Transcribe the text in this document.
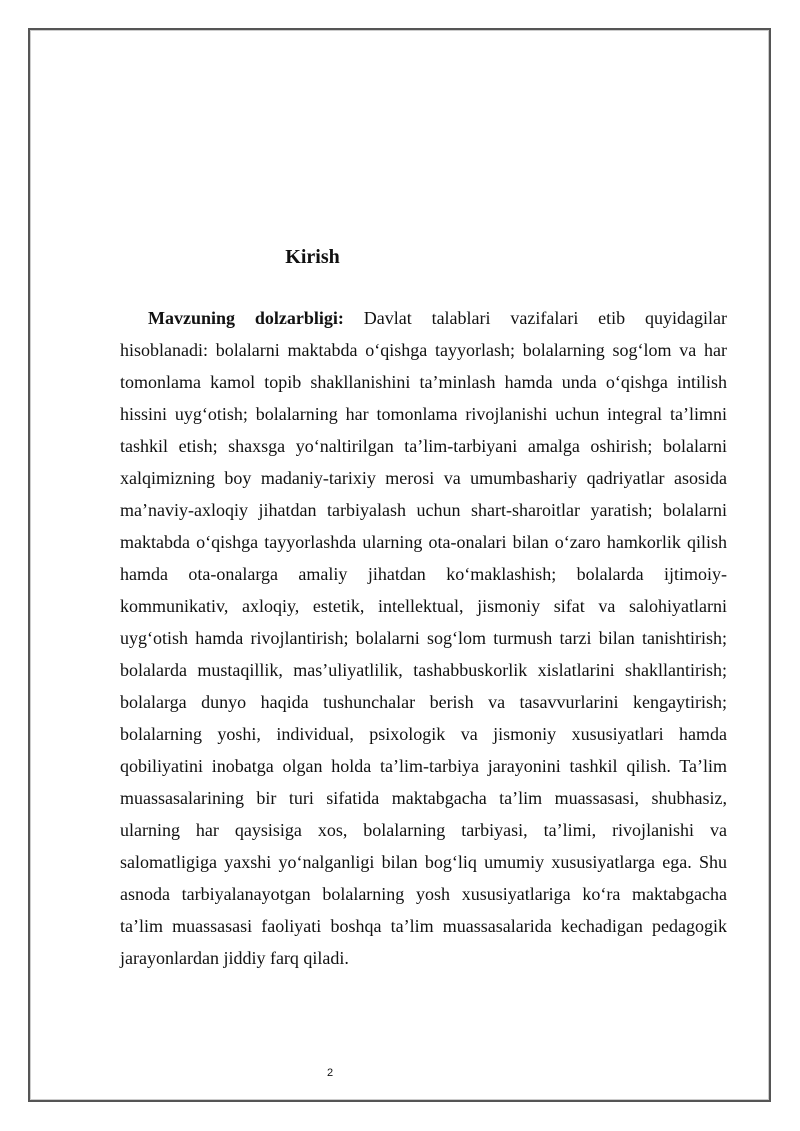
Kirish

Mavzuning dolzarbligi: Davlat talablari vazifalari etib quyidagilar hisoblanadi: bolalarni maktabda o‘qishga tayyorlash; bolalarning sog‘lom va har tomonlama kamol topib shakllanishini ta’minlash hamda unda o‘qishga intilish hissini uyg‘otish; bolalarning har tomonlama rivojlanishi uchun integral ta’limni tashkil etish; shaxsga yo‘naltirilgan ta’lim-tarbiyani amalga oshirish; bolalarni xalqimizning boy madaniy-tarixiy merosi va umumbashariy qadriyatlar asosida ma’naviy-axloqiy jihatdan tarbiyalash uchun shart-sharoitlar yaratish; bolalarni maktabda o‘qishga tayyorlashda ularning ota-onalari bilan o‘zaro hamkorlik qilish hamda ota-onalarga amaliy jihatdan ko‘maklashish; bolalarda ijtimoiy-kommunikativ, axloqiy, estetik, intellektual, jismoniy sifat va salohiyatlarni uyg‘otish hamda rivojlantirish; bolalarni sog‘lom turmush tarzi bilan tanishtirish; bolalarda mustaqillik, mas’uliyatlilik, tashabbuskorlik xislatlarini shakllantirish; bolalarga dunyo haqida tushunchalar berish va tasavvurlarini kengaytirish; bolalarning yoshi, individual, psixologik va jismoniy xususiyatlari hamda qobiliyatini inobatga olgan holda ta’lim-tarbiya jarayonini tashkil qilish. Ta’lim muassasalarining bir turi sifatida maktabgacha ta’lim muassasasi, shubhasiz, ularning har qaysisiga xos, bolalarning tarbiyasi, ta’limi, rivojlanishi va salomatligiga yaxshi yo‘nalganligi bilan bog‘liq umumiy xususiyatlarga ega. Shu asnoda tarbiyalanayotgan bolalarning yosh xususiyatlariga ko‘ra maktabgacha ta’lim muassasasi faoliyati boshqa ta’lim muassasalarida kechadigan pedagogik jarayonlardan jiddiy farq qiladi.

2
